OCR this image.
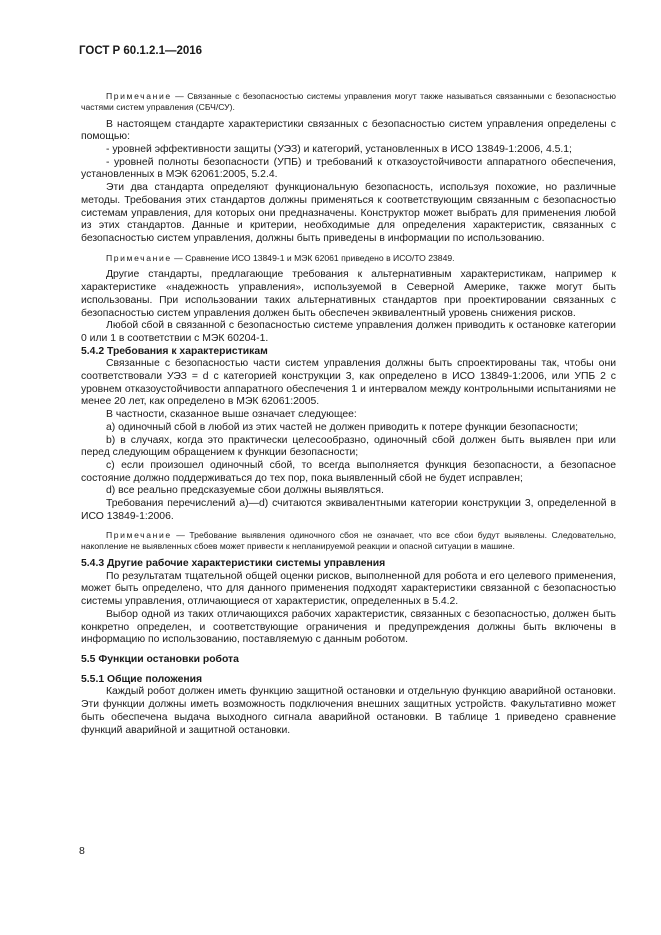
ГОСТ Р 60.1.2.1—2016

Примечание — Связанные с безопасностью системы управления могут также называться связанными с безопасностью частями систем управления (СБЧ/СУ).

В настоящем стандарте характеристики связанных с безопасностью систем управления определены с помощью:

- уровней эффективности защиты (УЭЗ) и категорий, установленных в ИСО 13849-1:2006, 4.5.1;

- уровней полноты безопасности (УПБ) и требований к отказоустойчивости аппаратного обеспечения, установленных в МЭК 62061:2005, 5.2.4.

Эти два стандарта определяют функциональную безопасность, используя похожие, но различные методы. Требования этих стандартов должны применяться к соответствующим связанным с безопасностью системам управления, для которых они предназначены. Конструктор может выбрать для применения любой из этих стандартов. Данные и критерии, необходимые для определения характеристик, связанных с безопасностью систем управления, должны быть приведены в информации по использованию.

Примечание — Сравнение ИСО 13849-1 и МЭК 62061 приведено в ИСО/ТО 23849.

Другие стандарты, предлагающие требования к альтернативным характеристикам, например к характеристике «надежность управления», используемой в Северной Америке, также могут быть использованы. При использовании таких альтернативных стандартов при проектировании связанных с безопасностью систем управления должен быть обеспечен эквивалентный уровень снижения рисков.

Любой сбой в связанной с безопасностью системе управления должен приводить к остановке категории 0 или 1 в соответствии с МЭК 60204-1.

5.4.2 Требования к характеристикам

Связанные с безопасностью части систем управления должны быть спроектированы так, чтобы они соответствовали УЭЗ = d с категорией конструкции 3, как определено в ИСО 13849-1:2006, или УПБ 2 с уровнем отказоустойчивости аппаратного обеспечения 1 и интервалом между контрольными испытаниями не менее 20 лет, как определено в МЭК 62061:2005.

В частности, сказанное выше означает следующее:

a) одиночный сбой в любой из этих частей не должен приводить к потере функции безопасности;

b) в случаях, когда это практически целесообразно, одиночный сбой должен быть выявлен при или перед следующим обращением к функции безопасности;

c) если произошел одиночный сбой, то всегда выполняется функция безопасности, а безопасное состояние должно поддерживаться до тех пор, пока выявленный сбой не будет исправлен;

d) все реально предсказуемые сбои должны выявляться.

Требования перечислений a)—d) считаются эквивалентными категории конструкции 3, определенной в ИСО 13849-1:2006.

Примечание — Требование выявления одиночного сбоя не означает, что все сбои будут выявлены. Следовательно, накопление не выявленных сбоев может привести к непланируемой реакции и опасной ситуации в машине.

5.4.3 Другие рабочие характеристики системы управления

По результатам тщательной общей оценки рисков, выполненной для робота и его целевого применения, может быть определено, что для данного применения подходят характеристики связанной с безопасностью системы управления, отличающиеся от характеристик, определенных в 5.4.2.

Выбор одной из таких отличающихся рабочих характеристик, связанных с безопасностью, должен быть конкретно определен, и соответствующие ограничения и предупреждения должны быть включены в информацию по использованию, поставляемую с данным роботом.

5.5 Функции остановки робота

5.5.1 Общие положения

Каждый робот должен иметь функцию защитной остановки и отдельную функцию аварийной остановки. Эти функции должны иметь возможность подключения внешних защитных устройств. Факультативно может быть обеспечена выдача выходного сигнала аварийной остановки. В таблице 1 приведено сравнение функций аварийной и защитной остановки.

8
